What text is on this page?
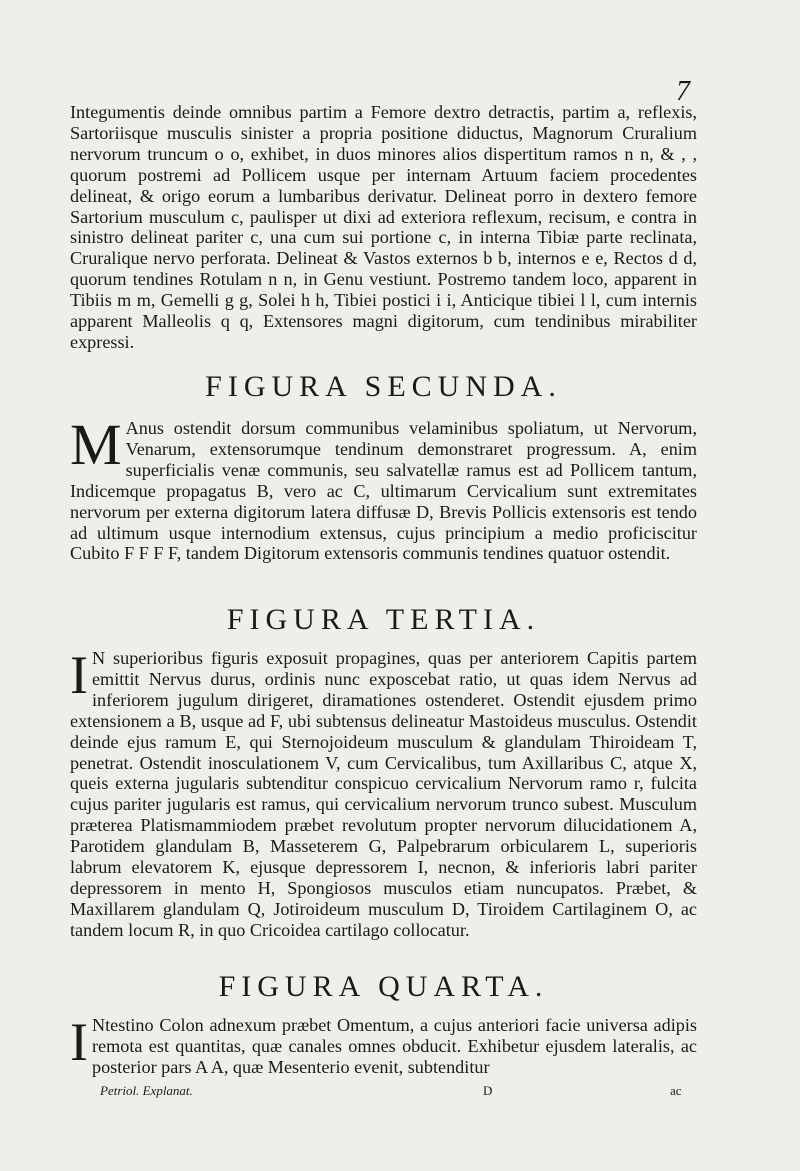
7

Integumentis deinde omnibus partim a Femore dextro detractis, partim a, reflexis, Sartoriisque musculis sinister a propria positione diductus, Magnorum Cruralium nervorum truncum o o, exhibet, in duos minores alios dispertitum ramos n n, & , , quorum postremi ad Pollicem usque per internam Artuum faciem procedentes delineat, & origo eorum a lumbaribus derivatur. Delineat porro in dextero femore Sartorium musculum c, paulisper ut dixi ad exteriora reflexum, recisum, e contra in sinistro delineat pariter c, una cum sui portione c, in interna Tibiæ parte reclinata, Cruralique nervo perforata. Delineat & Vastos externos b b, internos e e, Rectos d d, quorum tendines Rotulam n n, in Genu vestiunt. Postremo tandem loco, apparent in Tibiis m m, Gemelli g g, Solei h h, Tibiei postici i i, Anticique tibiei l l, cum internis apparent Malleolis q q, Extensores magni digitorum, cum tendinibus mirabiliter expressi.

FIGURA SECUNDA.

M Anus ostendit dorsum communibus velaminibus spoliatum, ut Nervorum, Venarum, extensorumque tendinum demonstraret progressum. A, enim superficialis venæ communis, seu salvatellæ ramus est ad Pollicem tantum, Indicemque propagatus B, vero ac C, ultimarum Cervicalium sunt extremitates nervorum per externa digitorum latera diffusæ D, Brevis Pollicis extensoris est tendo ad ultimum usque internodium extensus, cujus principium a medio proficiscitur Cubito F F F F, tandem Digitorum extensoris communis tendines quatuor ostendit.

FIGURA TERTIA.

I N superioribus figuris exposuit propagines, quas per anteriorem Capitis partem emittit Nervus durus, ordinis nunc exposcebat ratio, ut quas idem Nervus ad inferiorem jugulum dirigeret, diramationes ostenderet. Ostendit ejusdem primo extensionem a B, usque ad F, ubi subtensus delineatur Mastoideus musculus. Ostendit deinde ejus ramum E, qui Sternojoideum musculum & glandulam Thiroideam T, penetrat. Ostendit inosculationem V, cum Cervicalibus, tum Axillaribus C, atque X, queis externa jugularis subtenditur conspicuo cervicalium Nervorum ramo r, fulcita cujus pariter jugularis est ramus, qui cervicalium nervorum trunco subest. Musculum præterea Platismammiodem præbet revolutum propter nervorum dilucidationem A, Parotidem glandulam B, Masseterem G, Palpebrarum orbicularem L, superioris labrum elevatorem K, ejusque depressorem I, necnon, & inferioris labri pariter depressorem in mento H, Spongiosos musculos etiam nuncupatos. Præbet, & Maxillarem glandulam Q, Jotiroideum musculum D, Tiroidem Cartilaginem O, ac tandem locum R, in quo Cricoidea cartilago collocatur.

FIGURA QUARTA.

I Ntestino Colon adnexum præbet Omentum, a cujus anteriori facie universa adipis remota est quantitas, quæ canales omnes obducit. Exhibetur ejusdem lateralis, ac posterior pars A A, quæ Mesenterio evenit, subtenditur

Petriol. Explanat.	D	ac
